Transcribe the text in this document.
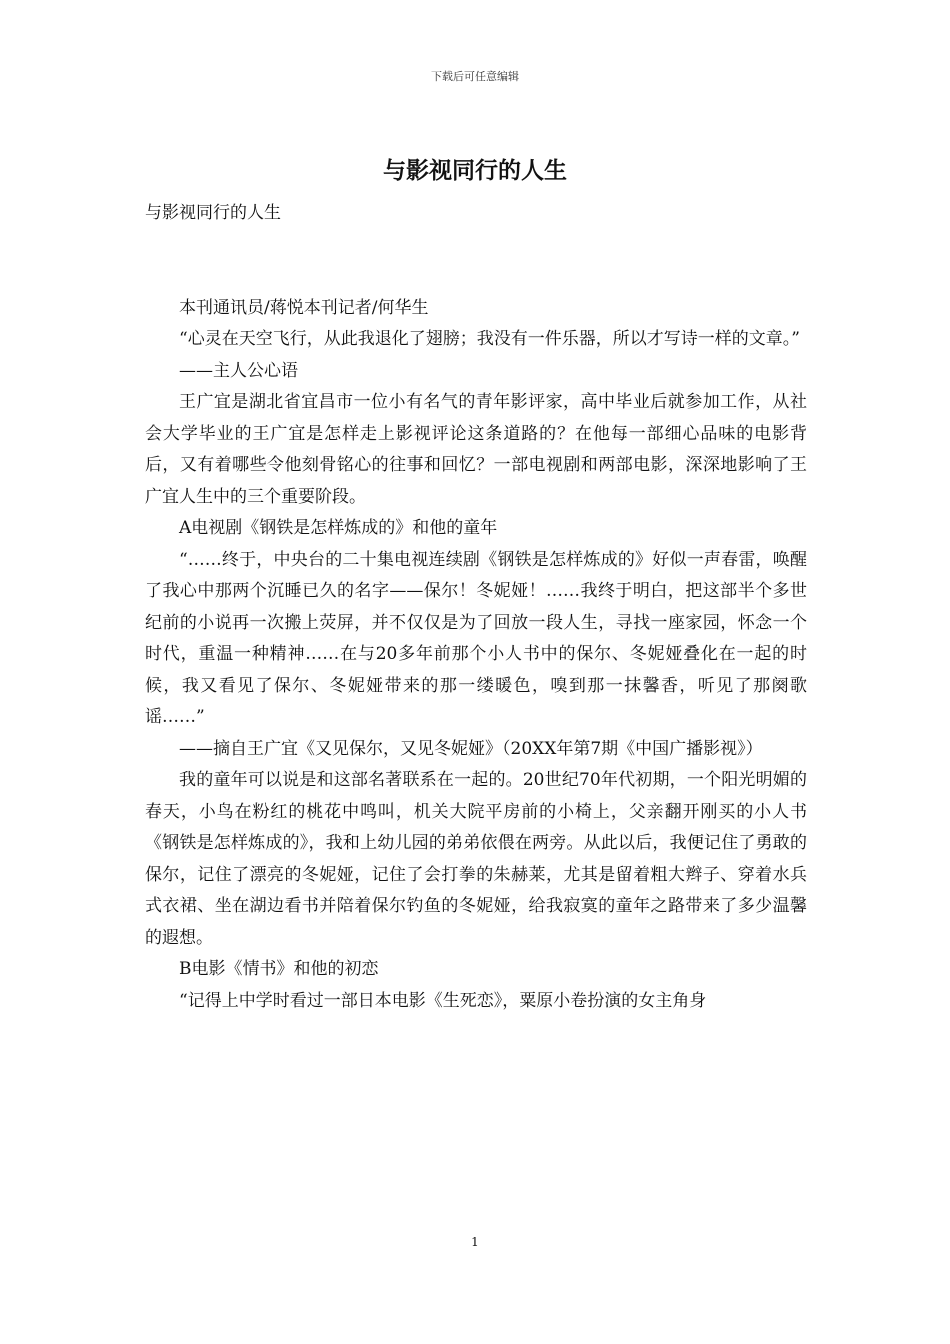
下载后可任意编辑
与影视同行的人生

与影视同行的人生

本刊通讯员/蒋悦本刊记者/何华生

“心灵在天空飞行，从此我退化了翅膀；我没有一件乐器，所以才写诗一样的文章。”

——主人公心语

王广宜是湖北省宜昌市一位小有名气的青年影评家，高中毕业后就参加工作，从社会大学毕业的王广宜是怎样走上影视评论这条道路的？在他每一部细心品味的电影背后，又有着哪些令他刻骨铭心的往事和回忆？一部电视剧和两部电影，深深地影响了王广宜人生中的三个重要阶段。

A电视剧《钢铁是怎样炼成的》和他的童年

“……终于，中央台的二十集电视连续剧《钢铁是怎样炼成的》好似一声春雷，唤醒了我心中那两个沉睡已久的名字——保尔！冬妮娅！……我终于明白，把这部半个多世纪前的小说再一次搬上荧屏，并不仅仅是为了回放一段人生，寻找一座家园，怀念一个时代，重温一种精神……在与20多年前那个小人书中的保尔、冬妮娅叠化在一起的时候，我又看见了保尔、冬妮娅带来的那一缕暖色，嗅到那一抹馨香，听见了那阕歌谣……”

——摘自王广宜《又见保尔，又见冬妮娅》（20XX年第7期《中国广播影视》）

我的童年可以说是和这部名著联系在一起的。20世纪70年代初期，一个阳光明媚的春天，小鸟在粉红的桃花中鸣叫，机关大院平房前的小椅上，父亲翻开刚买的小人书《钢铁是怎样炼成的》，我和上幼儿园的弟弟依偎在两旁。从此以后，我便记住了勇敢的保尔，记住了漂亮的冬妮娅，记住了会打拳的朱赫莱，尤其是留着粗大辫子、穿着水兵式衣裙、坐在湖边看书并陪着保尔钓鱼的冬妮娅，给我寂寞的童年之路带来了多少温馨的遐想。

B电影《情书》和他的初恋

“记得上中学时看过一部日本电影《生死恋》，粟原小卷扮演的女主角身

1
